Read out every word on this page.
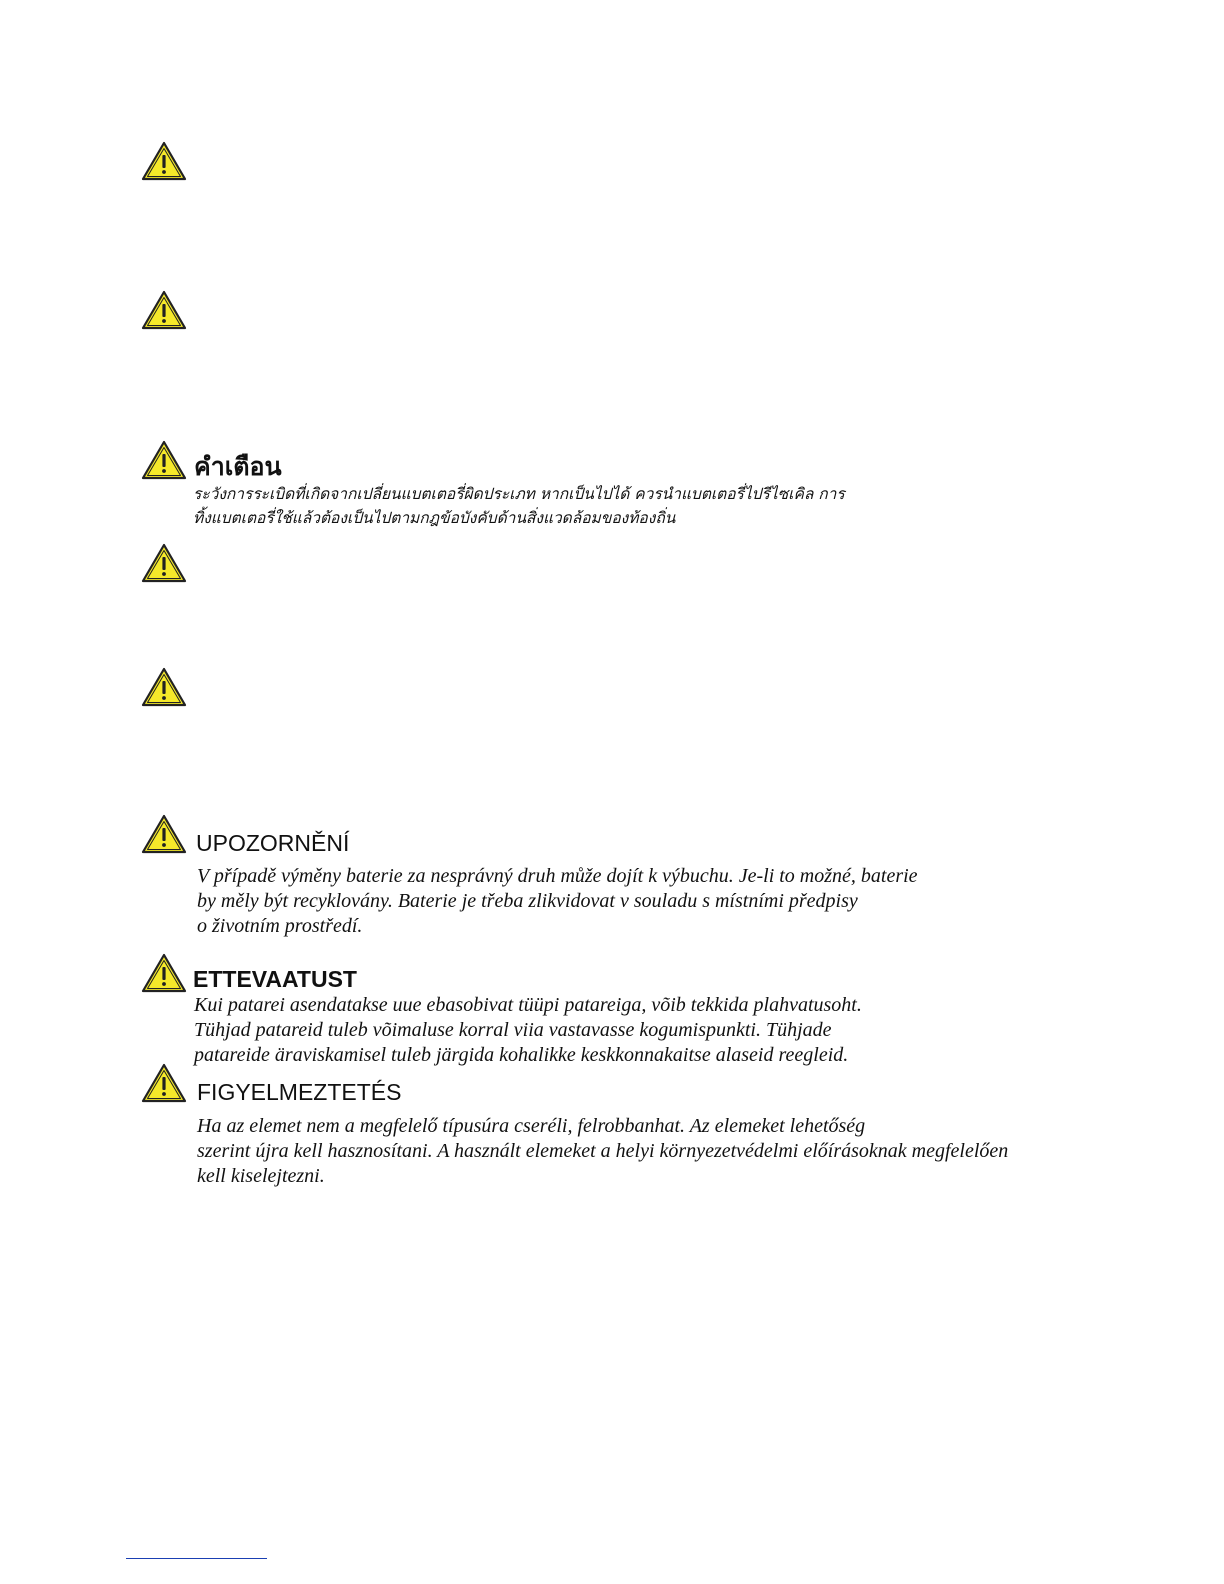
คำเตือน
ระวังการระเบิดที่เกิดจากเปลี่ยนแบตเตอรี่ผิดประเภท หากเป็นไปได้ ควรนำแบตเตอรี่ไปรีไซเคิล การ
ทิ้งแบตเตอรี่ใช้แล้วต้องเป็นไปตามกฎข้อบังคับด้านสิ่งแวดล้อมของท้องถิ่น
UPOZORNĚNÍ
V případě výměny baterie za nesprávný druh může dojít k výbuchu. Je-li to možné, baterie
by měly být recyklovány. Baterie je třeba zlikvidovat v souladu s místními předpisy
o životním prostředí.
ETTEVAATUST
Kui patarei asendatakse uue ebasobivat tüüpi patareiga, võib tekkida plahvatusoht.
Tühjad patareid tuleb võimaluse korral viia vastavasse kogumispunkti. Tühjade
patareide äraviskamisel tuleb järgida kohalikke keskkonnakaitse alaseid reegleid.
FIGYELMEZTETÉS
Ha az elemet nem a megfelelő típusúra cseréli, felrobbanhat. Az elemeket lehetőség
szerint újra kell hasznosítani. A használt elemeket a helyi környezetvédelmi előírásoknak megfelelően
kell kiselejtezni.
